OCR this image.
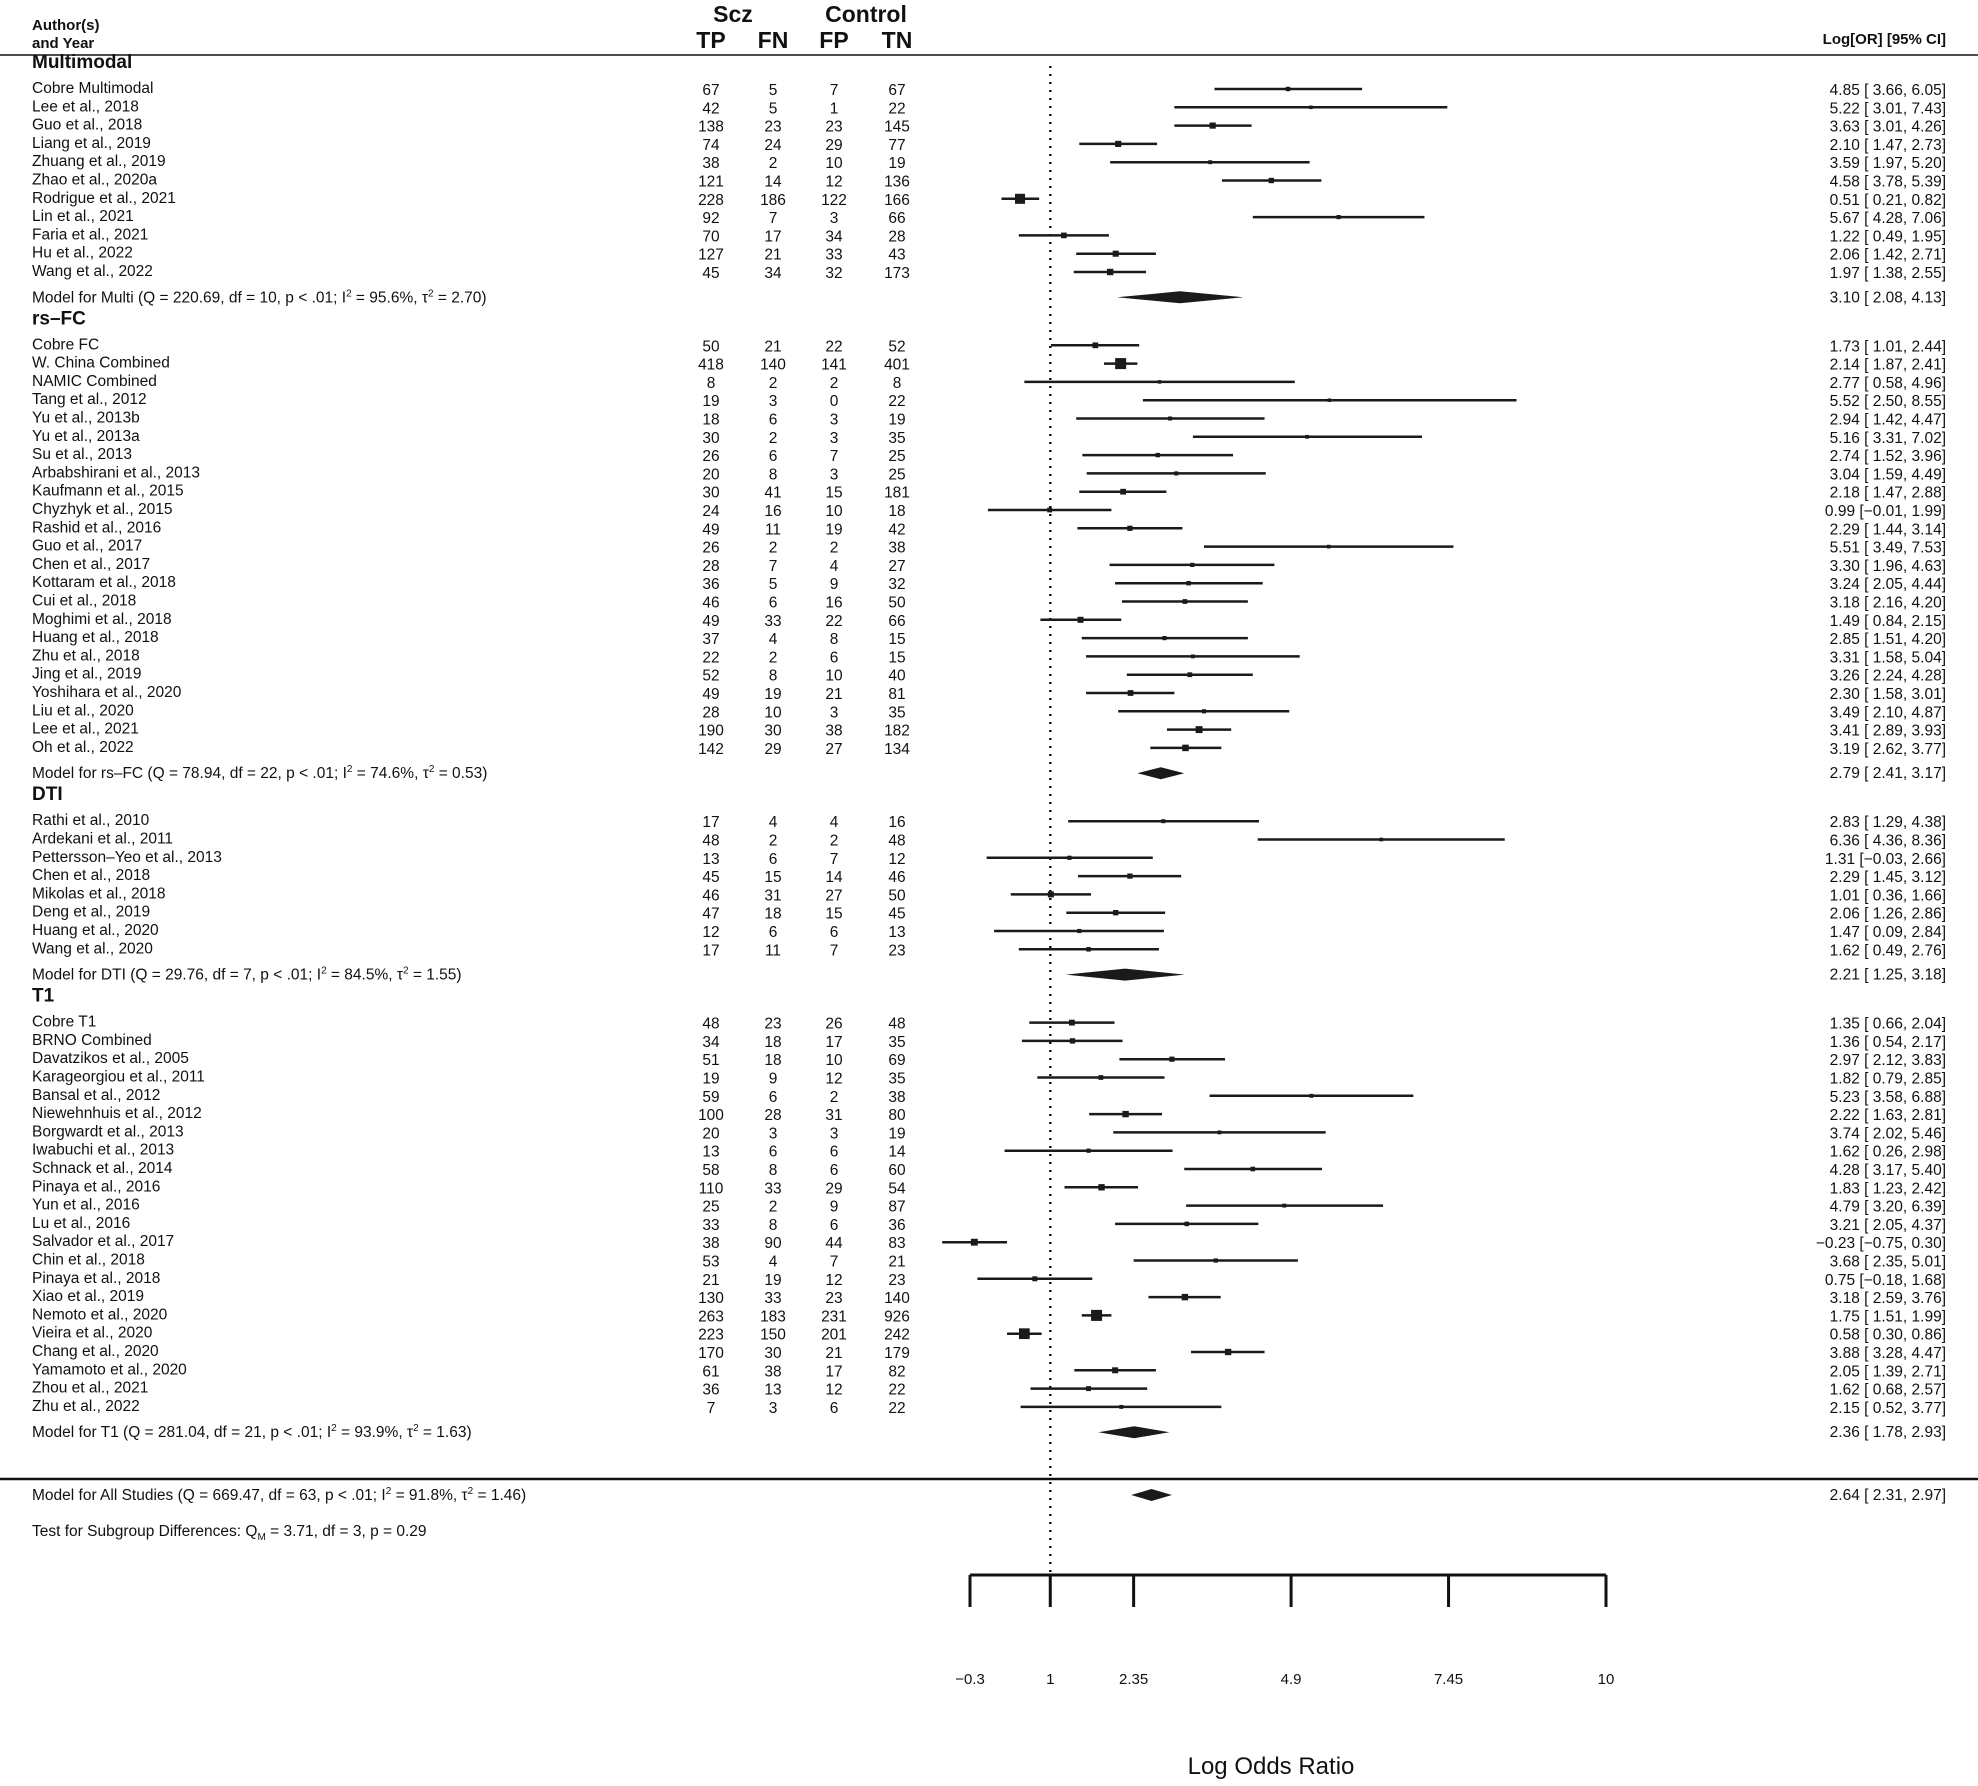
Author(s)
and Year
Scz	Control
TP FN FP TN	Log[OR] [95% CI]
Multimodal
Cobre Multimodal	67	5	7	67	4.85 [ 3.66, 6.05]
Lee et al., 2018	42	5	1	22	5.22 [ 3.01, 7.43]
Guo et al., 2018	138	23	23	145	3.63 [ 3.01, 4.26]
Liang et al., 2019	74	24	29	77	2.10 [ 1.47, 2.73]
Zhuang et al., 2019	38	2	10	19	3.59 [ 1.97, 5.20]
Zhao et al., 2020a	121	14	12	136	4.58 [ 3.78, 5.39]
Rodrigue et al., 2021	228 186 122 166	0.51 [ 0.21, 0.82]
Lin et al., 2021	92	7	3	66	5.67 [ 4.28, 7.06]
Faria et al., 2021	70	17	34	28	1.22 [ 0.49, 1.95]
Hu et al., 2022	127	21	33	43	2.06 [ 1.42, 2.71]
Wang et al., 2022	45	34	32	173	1.97 [ 1.38, 2.55]
Model for Multi (Q = 220.69, df = 10, p < .01; $I^2 = 95.6\%$, $\tau^2 = 2.70$)	3.10 [ 2.08, 4.13]
rs–FC
Cobre FC	50	21	22	52	1.73 [ 1.01, 2.44]
W. China Combined	418 140 141 401	2.14 [ 1.87, 2.41]
NAMIC Combined	8	2	2	8	2.77 [ 0.58, 4.96]
Tang et al., 2012	19	3	0	22	5.52 [ 2.50, 8.55]
Yu et al., 2013b	18	6	3	19	2.94 [ 1.42, 4.47]
Yu et al., 2013a	30	2	3	35	5.16 [ 3.31, 7.02]
Su et al., 2013	26	6	7	25	2.74 [ 1.52, 3.96]
Arbabshirani et al., 2013	20	8	3	25	3.04 [ 1.59, 4.49]
Kaufmann et al., 2015	30	41	15	181	2.18 [ 1.47, 2.88]
Chyzhyk et al., 2015	24	16	10	18	0.99 [−0.01, 1.99]
Rashid et al., 2016	49	11	19	42	2.29 [ 1.44, 3.14]
Guo et al., 2017	26	2	2	38	5.51 [ 3.49, 7.53]
Chen et al., 2017	28	7	4	27	3.30 [ 1.96, 4.63]
Kottaram et al., 2018	36	5	9	32	3.24 [ 2.05, 4.44]
Cui et al., 2018	46	6	16	50	3.18 [ 2.16, 4.20]
Moghimi et al., 2018	49	33	22	66	1.49 [ 0.84, 2.15]
Huang et al., 2018	37	4	8	15	2.85 [ 1.51, 4.20]
Zhu et al., 2018	22	2	6	15	3.31 [ 1.58, 5.04]
Jing et al., 2019	52	8	10	40	3.26 [ 2.24, 4.28]
Yoshihara et al., 2020	49	19	21	81	2.30 [ 1.58, 3.01]
Liu et al., 2020	28	10	3	35	3.49 [ 2.10, 4.87]
Lee et al., 2021	190	30	38	182	3.41 [ 2.89, 3.93]
Oh et al., 2022	142	29	27	134	3.19 [ 2.62, 3.77]
Model for rs–FC (Q = 78.94, df = 22, p < .01; $I^2 = 74.6\%$, $\tau^2 = 0.53$)	2.79 [ 2.41, 3.17]
DTI
Rathi et al., 2010	17	4	4	16	2.83 [ 1.29, 4.38]
Ardekani et al., 2011	48	2	2	48	6.36 [ 4.36, 8.36]
Pettersson–Yeo et al., 2013	13	6	7	12	1.31 [−0.03, 2.66]
Chen et al., 2018	45	15	14	46	2.29 [ 1.45, 3.12]
Mikolas et al., 2018	46	31	27	50	1.01 [ 0.36, 1.66]
Deng et al., 2019	47	18	15	45	2.06 [ 1.26, 2.86]
Huang et al., 2020	12	6	6	13	1.47 [ 0.09, 2.84]
Wang et al., 2020	17	11	7	23	1.62 [ 0.49, 2.76]
Model for DTI (Q = 29.76, df = 7, p < .01; $I^2 = 84.5\%$, $\tau^2 = 1.55$)	2.21 [ 1.25, 3.18]
T1
Cobre T1	48	23	26	48	1.35 [ 0.66, 2.04]
BRNO Combined	34	18	17	35	1.36 [ 0.54, 2.17]
Davatzikos et al., 2005	51	18	10	69	2.97 [ 2.12, 3.83]
Karageorgiou et al., 2011	19	9	12	35	1.82 [ 0.79, 2.85]
Bansal et al., 2012	59	6	2	38	5.23 [ 3.58, 6.88]
Niewehnhuis et al., 2012	100	28	31	80	2.22 [ 1.63, 2.81]
Borgwardt et al., 2013	20	3	3	19	3.74 [ 2.02, 5.46]
Iwabuchi et al., 2013	13	6	6	14	1.62 [ 0.26, 2.98]
Schnack et al., 2014	58	8	6	60	4.28 [ 3.17, 5.40]
Pinaya et al., 2016	110	33	29	54	1.83 [ 1.23, 2.42]
Yun et al., 2016	25	2	9	87	4.79 [ 3.20, 6.39]
Lu et al., 2016	33	8	6	36	3.21 [ 2.05, 4.37]
Salvador et al., 2017	38	90	44	83	−0.23 [−0.75, 0.30]
Chin et al., 2018	53	4	7	21	3.68 [ 2.35, 5.01]
Pinaya et al., 2018	21	19	12	23	0.75 [−0.18, 1.68]
Xiao et al., 2019	130	33	23	140	3.18 [ 2.59, 3.76]
Nemoto et al., 2020	263 183 231 926	1.75 [ 1.51, 1.99]
Vieira et al., 2020	223 150 201 242	0.58 [ 0.30, 0.86]
Chang et al., 2020	170	30	21	179	3.88 [ 3.28, 4.47]
Yamamoto et al., 2020	61	38	17	82	2.05 [ 1.39, 2.71]
Zhou et al., 2021	36	13	12	22	1.62 [ 0.68, 2.57]
Zhu et al., 2022	7	3	6	22	2.15 [ 0.52, 3.77]
Model for T1 (Q = 281.04, df = 21, p < .01; $I^2 = 93.9\%$, $\tau^2 = 1.63$)	2.36 [ 1.78, 2.93]
Model for All Studies (Q = 669.47, df = 63, p < .01; $I^2 = 91.8\%$, $\tau^2 = 1.46$)	2.64 [ 2.31, 2.97]
Test for Subgroup Differences: $Q_M = 3.71$, df = 3, p = 0.29
−0.3	1	2.35	4.9	7.45	10
Log Odds Ratio
